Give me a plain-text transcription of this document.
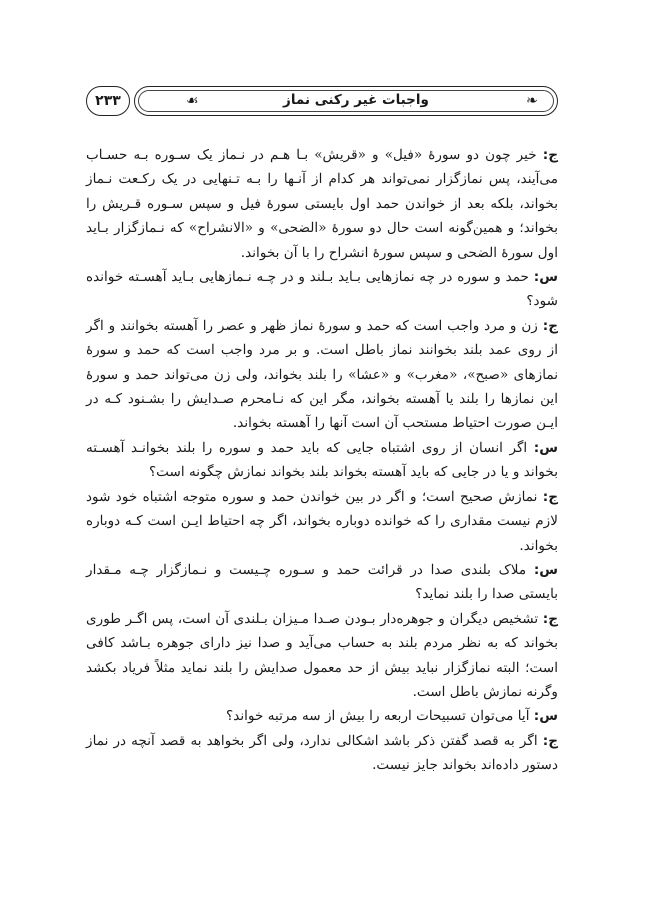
۲۳۳	☙	واجبات غیر رکنی نماز	❧

ج: خیر چون دو سورۀ «فیل» و «قریش» بـا هـم در نـماز یک سـوره بـه حسـاب می‌آیند، پس نمازگزار نمی‌تواند هر کدام از آنـها را بـه تـنهایی در یک رکـعت نـماز بخواند، بلکه بعد از خواندن حمد اول بایستی سورۀ فیل و سپس سـوره قـریش را بخواند؛ و همین‌گونه است حال دو سورۀ «الضحی» و «الانشراح» که نـمازگزار بـاید اول سورۀ الضحی و سپس سورۀ انشراح را با آن بخواند.

س: حمد و سوره در چه نمازهایی بـاید بـلند و در چـه نـمازهایی بـاید آهسـته خوانده شود؟

ج: زن و مرد واجب است که حمد و سورۀ نماز ظهر و عصر را آهسته بخوانند و اگر از روی عمد بلند بخوانند نماز باطل است. و بر مرد واجب است که حمد و سورۀ نمازهای «صبح»، «مغرب» و «عشا» را بلند بخواند، ولی زن می‌تواند حمد و سورۀ این نمازها را بلند یا آهسته بخواند، مگر این که نـامحرم صـدایش را بشـنود کـه در ایـن صورت احتیاط مستحب آن است آنها را آهسته بخواند.

س: اگر انسان از روی اشتباه جایی که باید حمد و سوره را بلند بخوانـد آهسـته بخواند و یا در جایی که باید آهسته بخواند بلند بخواند نمازش چگونه است؟

ج: نمازش صحیح است؛ و اگر در بین خواندن حمد و سوره متوجه اشتباه خود شود لازم نیست مقداری را که خوانده دوباره بخواند، اگر چه احتیاط ایـن است کـه دوباره بخواند.

س: ملاک بلندی صدا در قرائت حمد و سـوره چـیست و نـمازگزار چـه مـقدار بایستی صدا را بلند نماید؟

ج: تشخیص دیگران و جوهره‌دار بـودن صـدا مـیزان بـلندی آن است، پس اگـر طوری بخواند که به نظر مردم بلند به حساب می‌آید و صدا نیز دارای جوهره بـاشد کافی است؛ البته نمازگزار نباید بیش از حد معمول صدایش را بلند نماید مثلاً فریاد بکشد وگرنه نمازش باطل است.

س: آیا می‌توان تسبیحات اربعه را بیش از سه مرتبه خواند؟

ج: اگر به قصد گفتن ذکر باشد اشکالی ندارد، ولی اگر بخواهد به قصد آنچه در نماز دستور داده‌اند بخواند جایز نیست.
